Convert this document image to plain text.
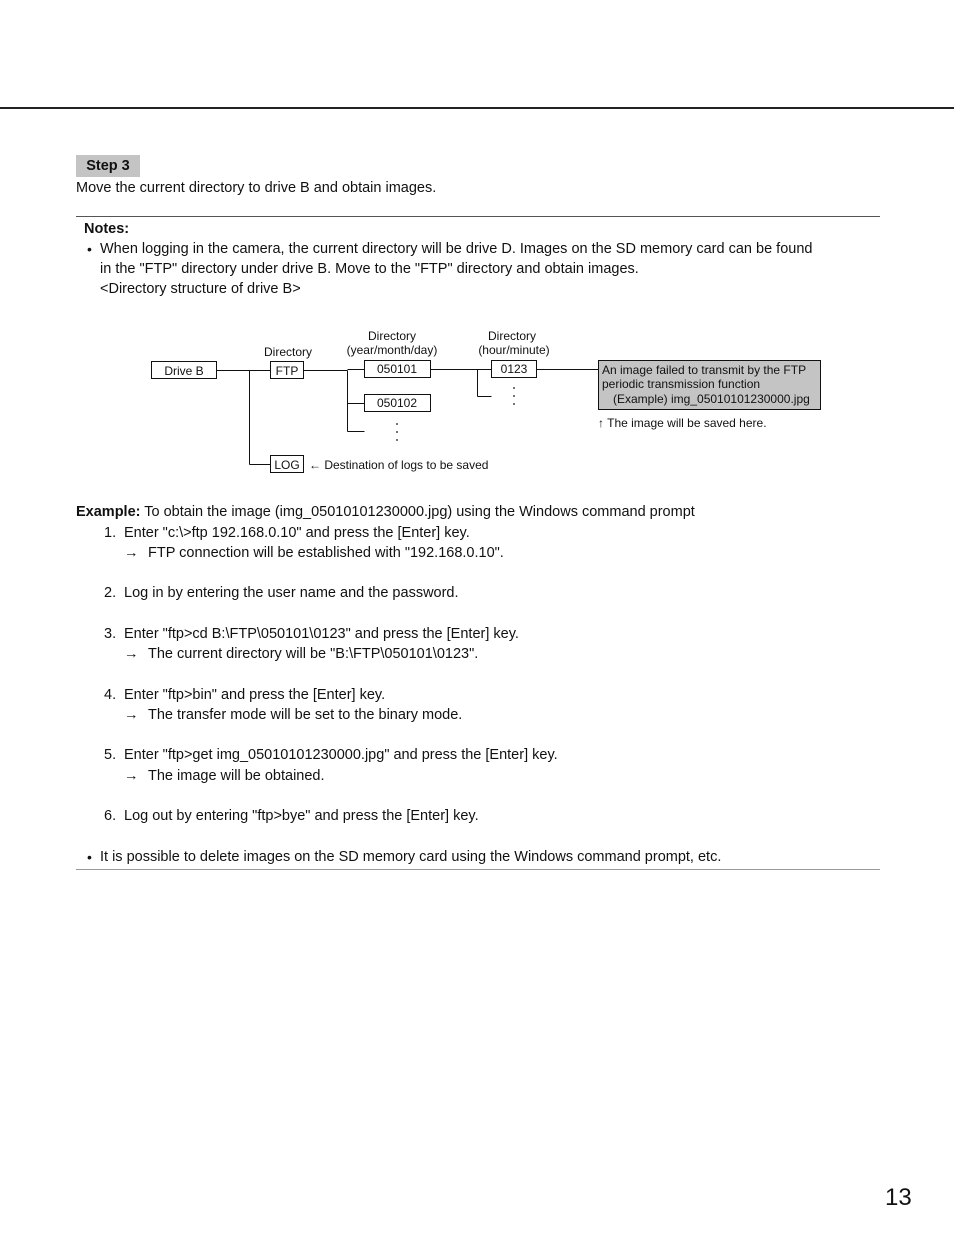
Step 3
Move the current directory to drive B and obtain images.
Notes:
• When logging in the camera, the current directory will be drive D. Images on the SD memory card can be found
in the "FTP" directory under drive B. Move to the "FTP" directory and obtain images.
<Directory structure of drive B>
Drive B
Directory
FTP
Directory
(year/month/day)
050101
050102
Directory
(hour/minute)
0123	An image failed to transmit by the FTP
periodic transmission function
(Example) img_05010101230000.jpg
↑ The image will be saved here.
LOG ← Destination of logs to be saved
Example: To obtain the image (img_05010101230000.jpg) using the Windows command prompt
1. Enter "c:\>ftp 192.168.0.10" and press the [Enter] key.
→ FTP connection will be established with "192.168.0.10".
2. Log in by entering the user name and the password.
3. Enter "ftp>cd B:\FTP\050101\0123" and press the [Enter] key.
→ The current directory will be "B:\FTP\050101\0123".
4. Enter "ftp>bin" and press the [Enter] key.
→ The transfer mode will be set to the binary mode.
5. Enter "ftp>get img_05010101230000.jpg" and press the [Enter] key.
→ The image will be obtained.
6. Log out by entering "ftp>bye" and press the [Enter] key.
• It is possible to delete images on the SD memory card using the Windows command prompt, etc.
13
